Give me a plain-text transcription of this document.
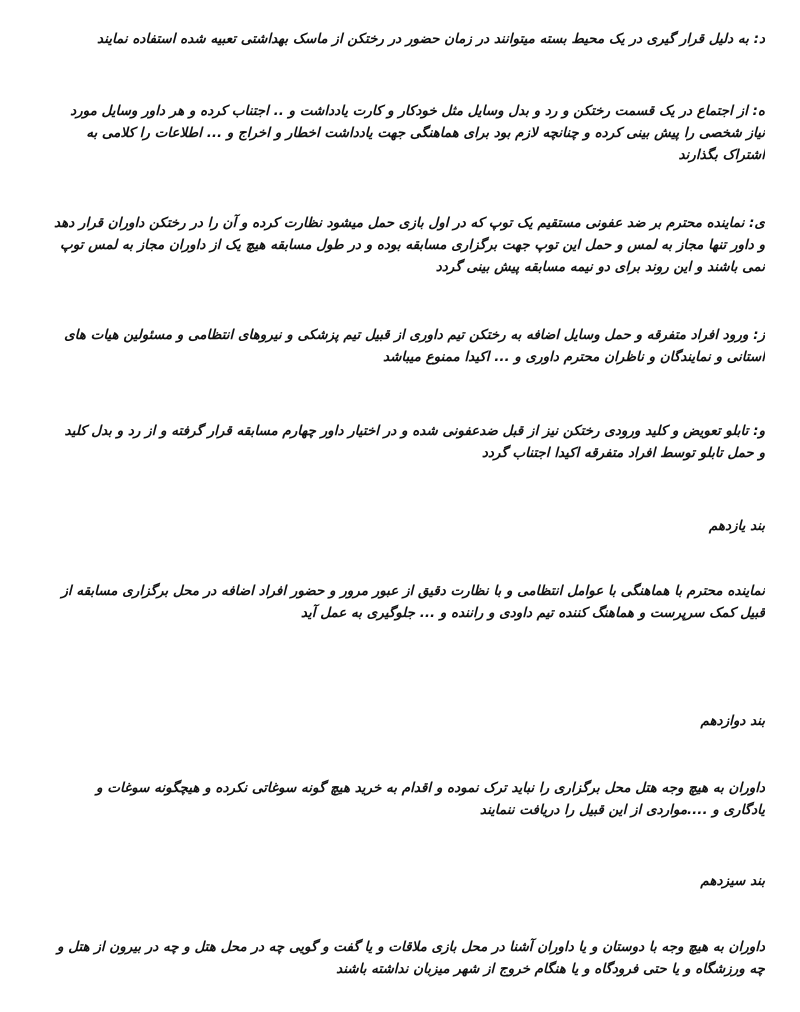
د: به دلیل قرار گیری در یک محیط بسته میتوانند در زمان حضور در رختکن از ماسک بهداشتی تعبیه شده استفاده نمایند
ه: از اجتماع در یک قسمت رختکن و رد و بدل وسایل مثل خودکار و کارت یادداشت و .. اجتناب کرده و هر داور وسایل مورد
نیاز شخصی را پیش بینی کرده و چنانچه لازم بود برای هماهنگی جهت یادداشت اخطار و اخراج و ... اطلاعات را کلامی به
اشتراک بگذارند
ی: نماینده محترم بر ضد عفونی مستقیم یک توپ که در اول بازی حمل میشود نظارت کرده و آن را در رختکن داوران قرار دهد
و داور تنها مجاز به لمس و حمل این توپ جهت برگزاری مسابقه بوده و در طول مسابقه هیچ یک از داوران مجاز به لمس توپ
نمی باشند و این روند برای دو نیمه مسابقه پیش بینی گردد
ز: ورود افراد متفرقه و حمل وسایل اضافه به رختکن تیم داوری از قبیل تیم پزشکی و نیروهای انتظامی و مسئولین هیات های
استانی و نمایندگان و ناظران محترم داوری و ... اکیدا ممنوع میباشد
و: تابلو تعویض و کلید ورودی رختکن نیز از قبل ضدعفونی شده و در اختیار داور چهارم مسابقه قرار گرفته و از رد و بدل کلید
و حمل تابلو توسط افراد متفرقه اکیدا اجتناب گردد
بند یازدهم
نماینده محترم با هماهنگی با عوامل انتظامی و با نظارت دقیق از عبور مرور و حضور افراد اضافه در محل برگزاری مسابقه از
قبیل کمک سرپرست و هماهنگ کننده تیم داودی و راننده و ... جلوگیری به عمل آید
بند دوازدهم
داوران به هیچ وجه هتل محل برگزاری را نباید ترک نموده و اقدام به خرید هیچ گونه سوغاتی نکرده و هیچگونه سوغات و
یادگاری و ....مواردی از این قبیل را دریافت ننمایند
بند سیزدهم
داوران به هیچ وجه با دوستان و یا داوران آشنا در محل بازی ملاقات و یا گفت و گویی چه در محل هتل و چه در بیرون از هتل و
چه ورزشگاه و یا حتی فرودگاه و یا هنگام خروج از شهر میزبان نداشته باشند
